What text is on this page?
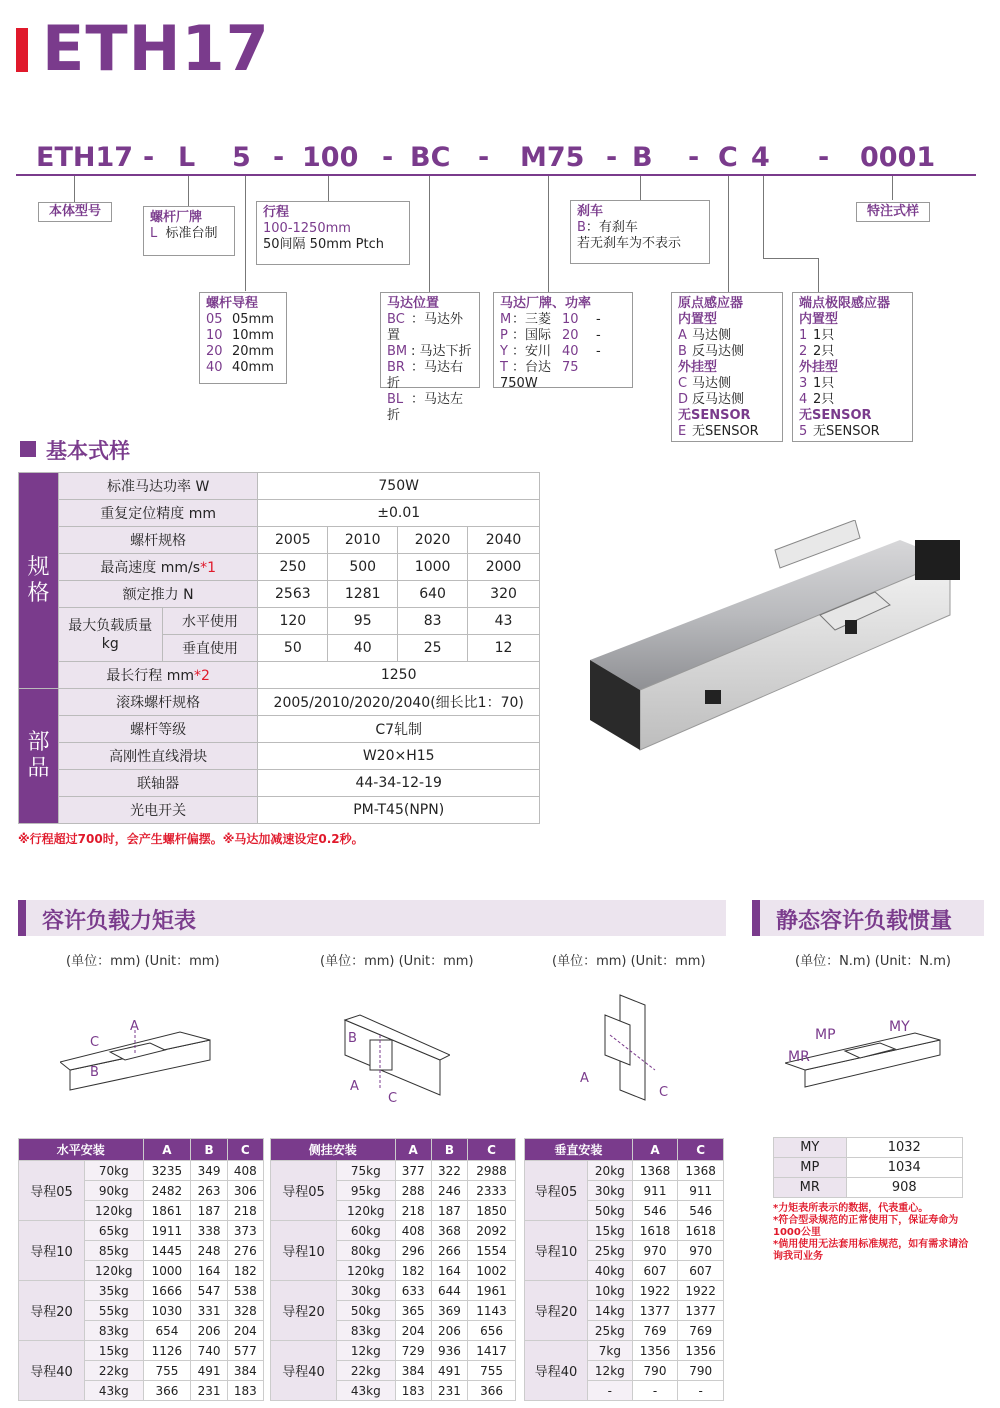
ETH17
本体型号	螺杆厂牌
L 标准台制
行程
100-1250mm
50间隔 50mm Ptch
刹车
B：有刹车
若无刹车为不表示
特注式样
螺杆导程
05 05mm
10 10mm
20 20mm
40 40mm
马达位置
BC ：马达外置
BM : 马达下折
BR ：马达右折
BL ：马达左折
马达厂牌、功率
M：三菱 10 -
P ：国际 20 -
Y ：安川 40 -
T ：台达 75750W
原点感应器
内置型
A 马达侧
B 反马达侧
外挂型
C 马达侧
D 反马达侧
无SENSOR
E 无SENSOR
端点极限感应器
内置型
1 1只
2 2只
外挂型
3 1只
4 2只
无SENSOR
5 无SENSOR
基本式样
规
格	标准马达功率 W		750W			
	重复定位精度 mm		±0.01			
	螺杆规格		2005	2010	2020	2040
	最高速度 mm/s*1		250	500	1000	2000
	额定推力 N		2563	1281	640	320
	最大负载质量
kg	水平使用	120	95	83	43
		垂直使用	50	40	25	12
	最长行程 mm*2		1250			
部
品	滚珠螺杆规格		2005/2010/2020/2040(细长比1：70)			
	螺杆等级		C7轧制			
	高刚性直线滑块		W20×H15			
	联轴器		44-34-12-19			
	光电开关		PM-T45(NPN)			
※行程超过700时，会产生螺杆偏摆。※马达加减速设定0.2秒。
容许负载力矩表	静态容许负载惯量
(单位：mm) (Unit：mm)	(单位：mm) (Unit：mm)	(单位：mm) (Unit：mm)	(单位：N.m) (Unit：N.m)
A
C
B
B
A
C
A
C
MP	MY
MR
水平安装		A	B	C
导程05	70kg	3235	349	408
	90kg	2482	263	306
	120kg	1861	187	218
导程10	65kg	1911	338	373
	85kg	1445	248	276
	120kg	1000	164	182
导程20	35kg	1666	547	538
	55kg	1030	331	328
	83kg	654	206	204
导程40	15kg	1126	740	577
	22kg	755	491	384
	43kg	366	231	183
侧挂安装		A	B	C
导程05	75kg	377	322	2988
	95kg	288	246	2333
	120kg	218	187	1850
导程10	60kg	408	368	2092
	80kg	296	266	1554
	120kg	182	164	1002
导程20	30kg	633	644	1961
	50kg	365	369	1143
	83kg	204	206	656
导程40	12kg	729	936	1417
	22kg	384	491	755
	43kg	183	231	366
垂直安装		A	C
导程05	20kg	1368	1368
	30kg	911	911
	50kg	546	546
导程10	15kg	1618	1618
	25kg	970	970
	40kg	607	607
导程20	10kg	1922	1922
	14kg	1377	1377
	25kg	769	769
导程40	7kg	1356	1356
	12kg	790	790
	-	-	-
MY	1032
MP	1034
MR	908
*力矩表所表示的数据，代表重心。
*符合型录规范的正常使用下，保证寿命为1000公里
*倘用使用无法套用标准规范，如有需求请洽询我司业务
ETH17 - L 5 - 100 - BC - M75 - B - C 4 - 0001
